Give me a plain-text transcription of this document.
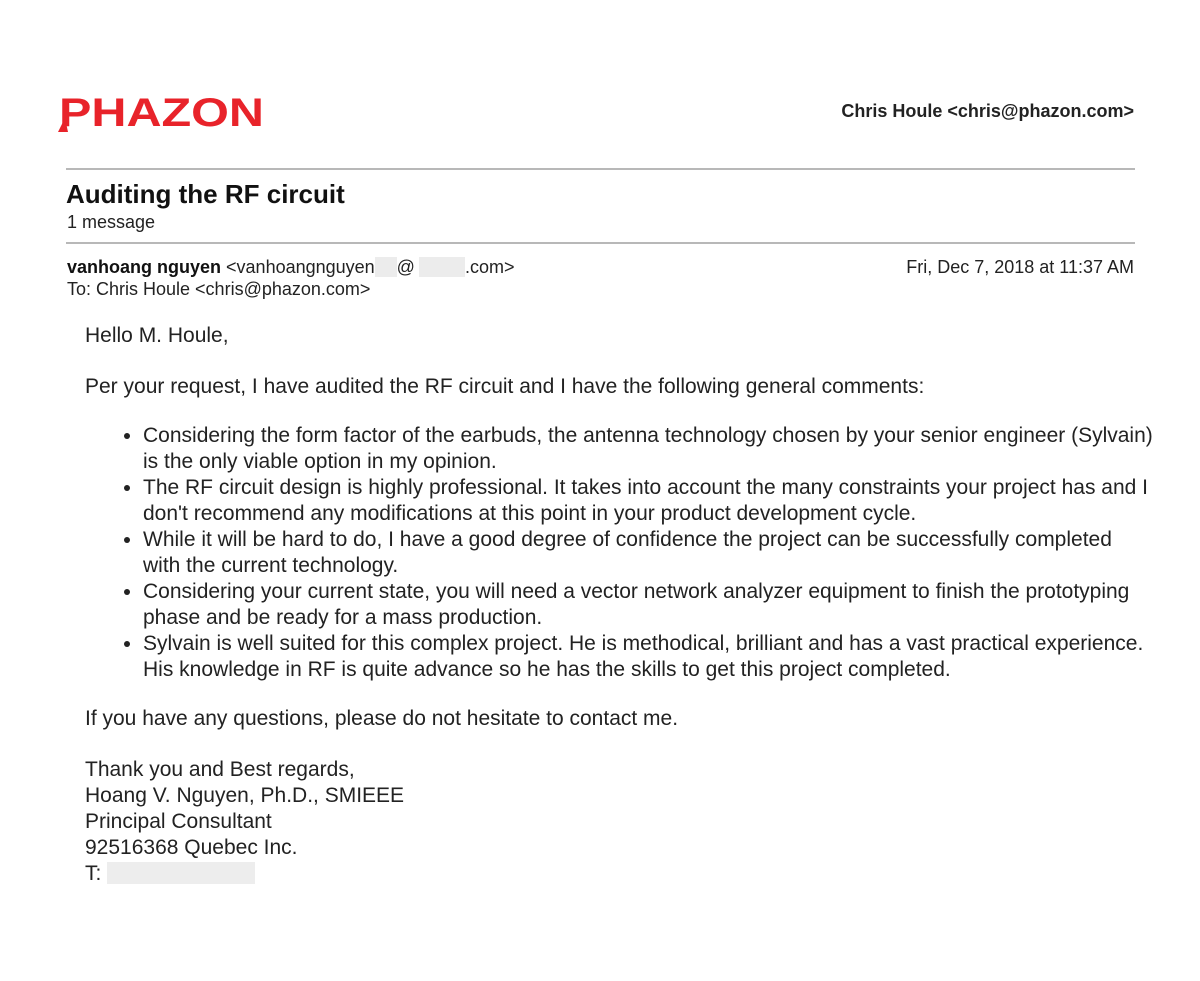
PHAZON	Chris Houle <chris@phazon.com>
Auditing the RF circuit
1 message
vanhoang nguyen <vanhoangnguyen @	.com>	Fri, Dec 7, 2018 at 11:37 AM
To: Chris Houle <chris@phazon.com>

Hello M. Houle,

Per your request, I have audited the RF circuit and I have the following general comments:

• Considering the form factor of the earbuds, the antenna technology chosen by your senior engineer (Sylvain) is the only viable option in my opinion.
• The RF circuit design is highly professional. It takes into account the many constraints your project has and I don't recommend any modifications at this point in your product development cycle.
• While it will be hard to do, I have a good degree of confidence the project can be successfully completed with the current technology.
• Considering your current state, you will need a vector network analyzer equipment to finish the prototyping phase and be ready for a mass production.
• Sylvain is well suited for this complex project. He is methodical, brilliant and has a vast practical experience. His knowledge in RF is quite advance so he has the skills to get this project completed.

If you have any questions, please do not hesitate to contact me.

Thank you and Best regards,
Hoang V. Nguyen, Ph.D., SMIEEE
Principal Consultant
92516368 Quebec Inc.
T:
